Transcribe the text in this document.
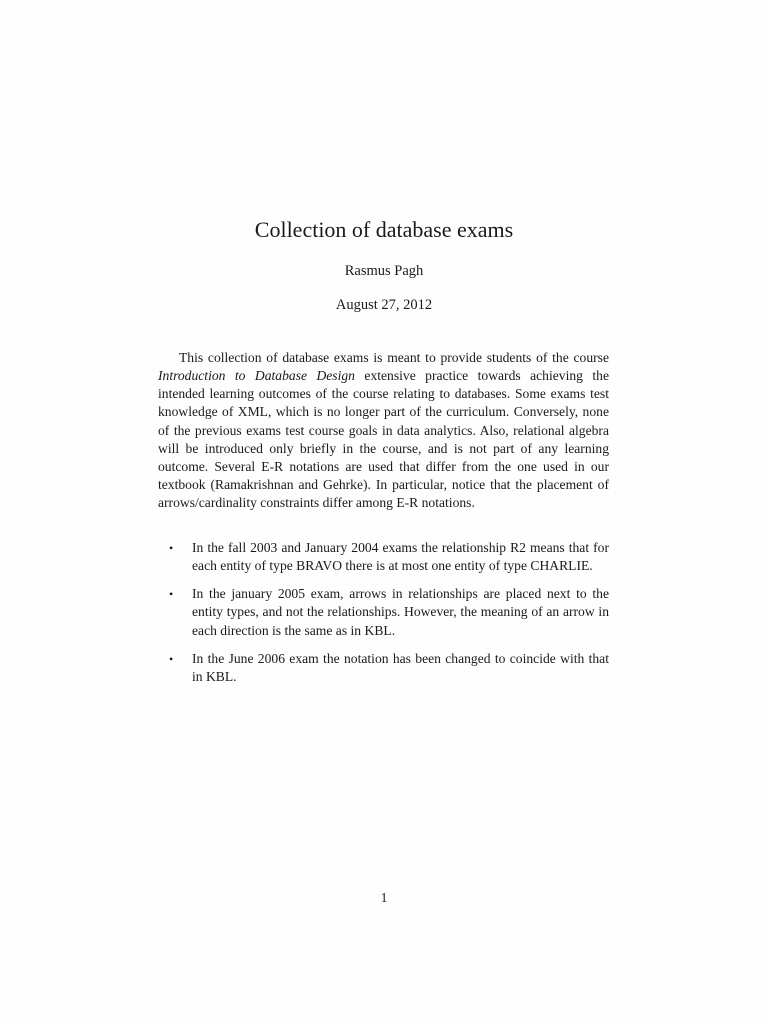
Collection of database exams
Rasmus Pagh
August 27, 2012

This collection of database exams is meant to provide students of the course Introduction to Database Design extensive practice towards achieving the intended learning outcomes of the course relating to databases. Some exams test knowledge of XML, which is no longer part of the curriculum. Conversely, none of the previous exams test course goals in data analytics. Also, relational algebra will be introduced only briefly in the course, and is not part of any learning outcome. Several E-R notations are used that differ from the one used in our textbook (Ramakrishnan and Gehrke). In particular, notice that the placement of arrows/cardinality constraints differ among E-R notations.

• In the fall 2003 and January 2004 exams the relationship R2 means that for each entity of type BRAVO there is at most one entity of type CHARLIE.
• In the january 2005 exam, arrows in relationships are placed next to the entity types, and not the relationships. However, the meaning of an arrow in each direction is the same as in KBL.
• In the June 2006 exam the notation has been changed to coincide with that in KBL.
1
